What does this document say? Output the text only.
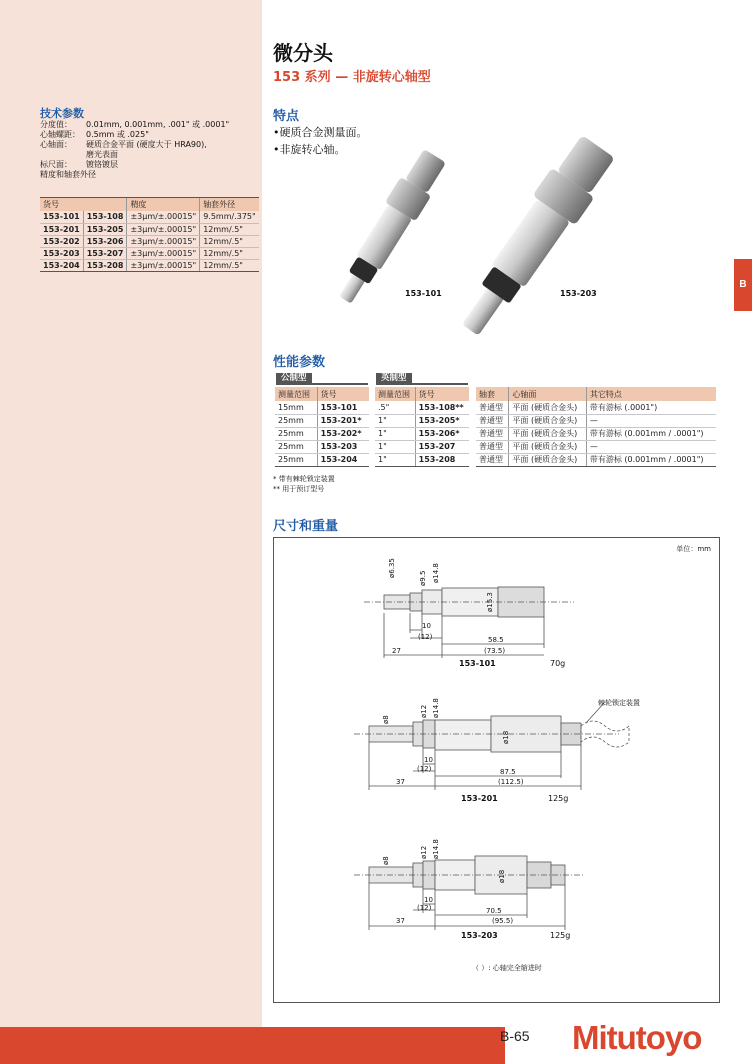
微分头
153 系列 — 非旋转心轴型
技术参数
分度值：	0.01mm, 0.001mm, .001" 或 .0001"
心轴螺距： 0.5mm 或 .025"
心轴面：	硬质合金平面 (硬度大于 HRA90),
磨光表面
标尺面：	镀铬镀层
精度和轴套外径
货号		精度	轴套外径
153-101	153-108	±3μm/±.00015"	9.5mm/.375"
153-201	153-205	±3μm/±.00015"	12mm/.5"
153-202	153-206	±3μm/±.00015"	12mm/.5"
153-203	153-207	±3μm/±.00015"	12mm/.5"
153-204	153-208	±3μm/±.00015"	12mm/.5"
特点
•硬质合金测量面。
•非旋转心轴。
153-101	153-203
B
性能参数
公制型	英制型
测量范围	货号
15mm	153-101
25mm	153-201*
25mm	153-202*
25mm	153-203
25mm	153-204
测量范围	货号
.5"	153-108**
1"	153-205*
1"	153-206*
1"	153-207
1"	153-208
轴套	心轴面	其它特点
普通型	平面 (硬质合金头)	带有游标 (.0001")
普通型	平面 (硬质合金头)	—
普通型	平面 (硬质合金头)	带有游标 (0.001mm / .0001")
普通型	平面 (硬质合金头)	—
普通型	平面 (硬质合金头)	带有游标 (0.001mm / .0001")
* 带有棘轮锁定装置
** 用于预订型号
尺寸和重量
单位：mm
ø6.35
ø9.5 ø14.8
ø15.3
10
(12)	58.5
(73.5)
27
153-101	70g
ø8
ø12 ø14.8
ø18
10
(12)	87.5
(112.5)
37
棘轮锁定装置
153-201	125g
ø8
ø12 ø14.8
ø18
10
(12)	70.5
(95.5)
37
153-203	125g
（ ）: 心轴完全缩进时
B-65 Mitutoyo
